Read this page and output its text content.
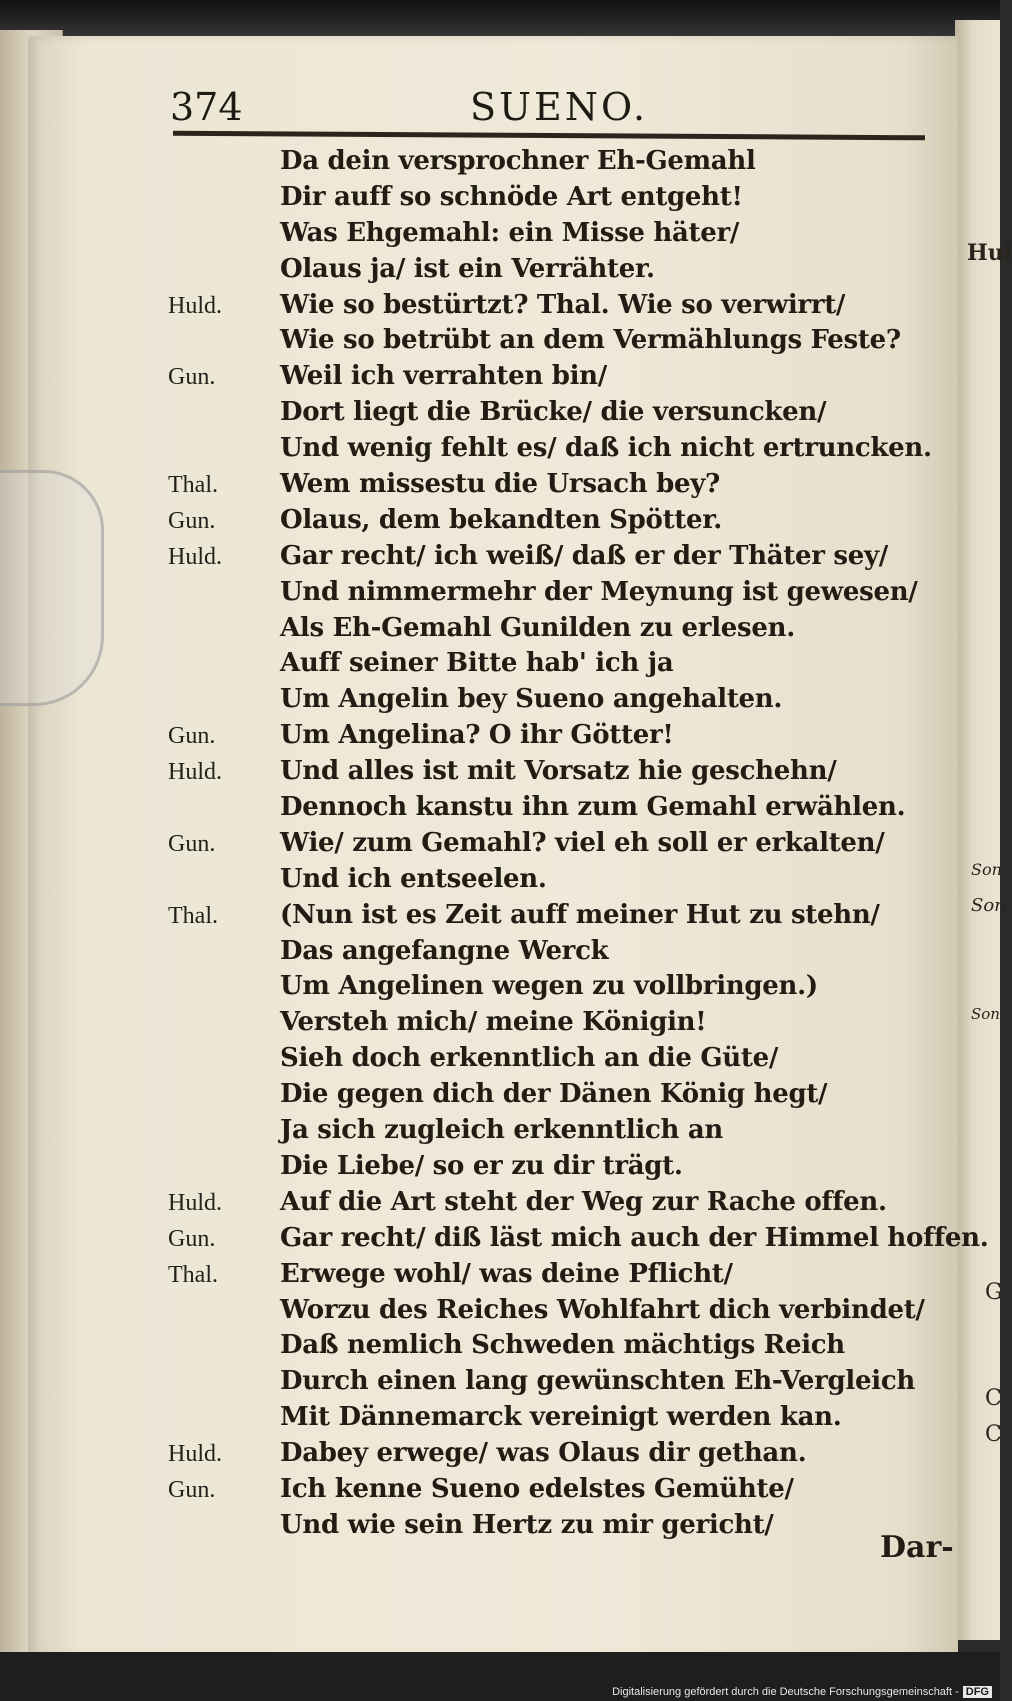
Hul
Son
Son
Son
G
C
C
374	SUENO.
Da dein versprochner Eh-Gemahl
Dir auff so schnöde Art entgeht!
Was Ehgemahl: ein Misse häter/
Olaus ja/ ist ein Verrähter.
Huld.	Wie so bestürtzt? Thal. Wie so verwirrt/
Wie so betrübt an dem Vermählungs Feste?
Gun.	Weil ich verrahten bin/
Dort liegt die Brücke/ die versuncken/
Und wenig fehlt es/ daß ich nicht ertruncken.
Thal.	Wem missestu die Ursach bey?
Gun.	Olaus, dem bekandten Spötter.
Huld.	Gar recht/ ich weiß/ daß er der Thäter sey/
Und nimmermehr der Meynung ist gewesen/
Als Eh-Gemahl Gunilden zu erlesen.
Auff seiner Bitte hab' ich ja
Um Angelin bey Sueno angehalten.
Gun.	Um Angelina? O ihr Götter!
Huld.	Und alles ist mit Vorsatz hie geschehn/
Dennoch kanstu ihn zum Gemahl erwählen.
Gun.	Wie/ zum Gemahl? viel eh soll er erkalten/
Und ich entseelen.
Thal.	(Nun ist es Zeit auff meiner Hut zu stehn/
Das angefangne Werck
Um Angelinen wegen zu vollbringen.)
Versteh mich/ meine Königin!
Sieh doch erkenntlich an die Güte/
Die gegen dich der Dänen König hegt/
Ja sich zugleich erkenntlich an
Die Liebe/ so er zu dir trägt.
Huld.	Auf die Art steht der Weg zur Rache offen.
Gun.	Gar recht/ diß läst mich auch der Himmel hoffen.
Thal.	Erwege wohl/ was deine Pflicht/
Worzu des Reiches Wohlfahrt dich verbindet/
Daß nemlich Schweden mächtigs Reich
Durch einen lang gewünschten Eh-Vergleich
Mit Dännemarck vereinigt werden kan.
Huld.	Dabey erwege/ was Olaus dir gethan.
Gun.	Ich kenne Sueno edelstes Gemühte/
Und wie sein Hertz zu mir gericht/
Dar-
Digitalisierung gefördert durch die Deutsche Forschungsgemeinschaft - DFG
